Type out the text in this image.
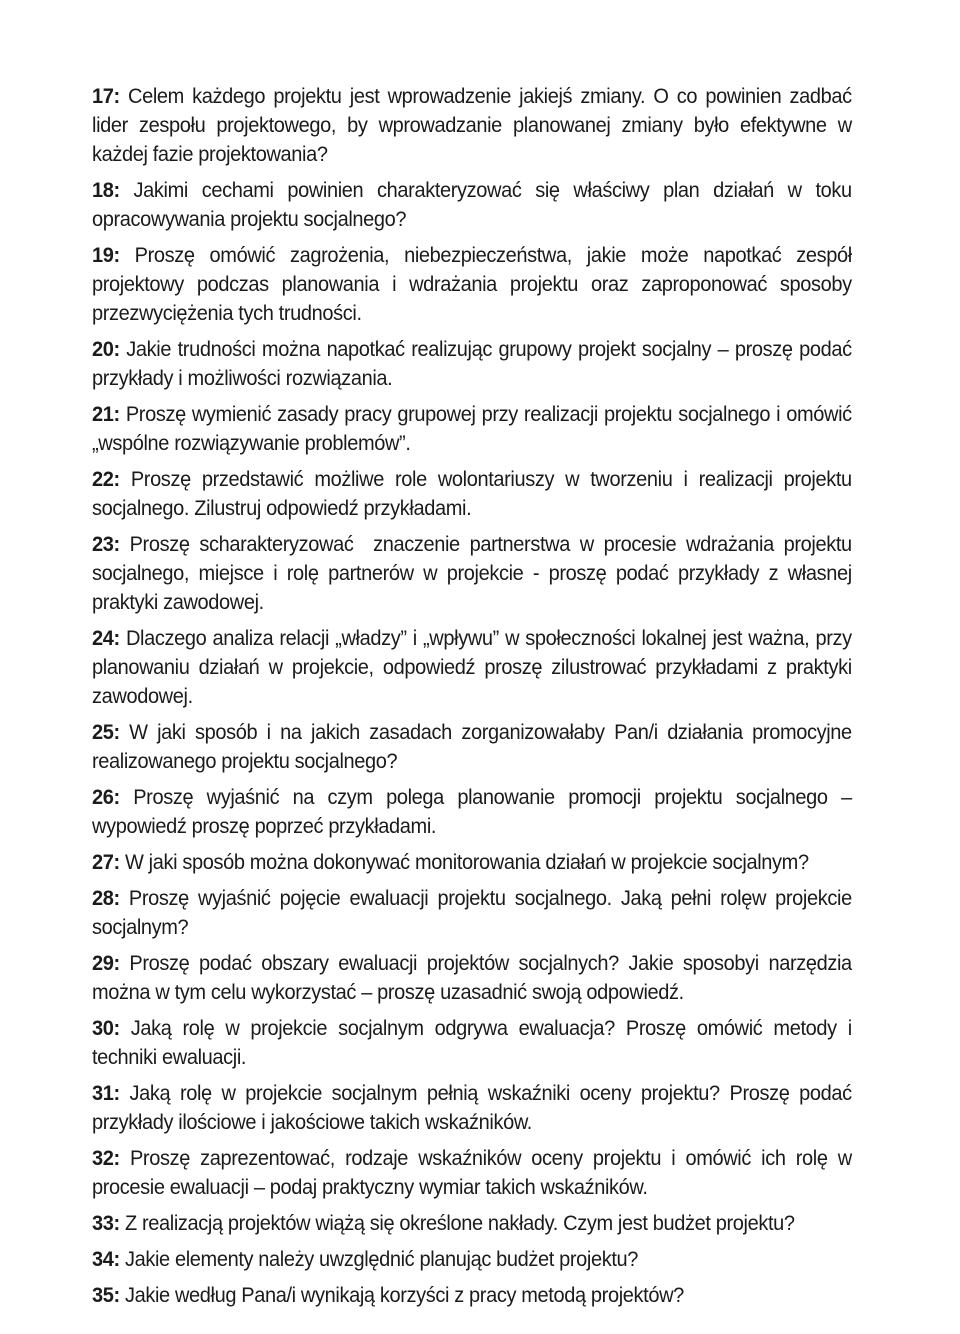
17: Celem każdego projektu jest wprowadzenie jakiejś zmiany. O co powinien zadbać lider zespołu projektowego, by wprowadzanie planowanej zmiany było efektywne w każdej fazie projektowania?

18: Jakimi cechami powinien charakteryzować się właściwy plan działań w toku opracowywania projektu socjalnego?

19: Proszę omówić zagrożenia, niebezpieczeństwa, jakie może napotkać zespół projektowy podczas planowania i wdrażania projektu oraz zaproponować sposoby przezwyciężenia tych trudności.

20: Jakie trudności można napotkać realizując grupowy projekt socjalny – proszę podać przykłady i możliwości rozwiązania.

21: Proszę wymienić zasady pracy grupowej przy realizacji projektu socjalnego i omówić „wspólne rozwiązywanie problemów”.

22: Proszę przedstawić możliwe role wolontariuszy w tworzeniu i realizacji projektu socjalnego. Zilustruj odpowiedź przykładami.

23: Proszę scharakteryzować  znaczenie partnerstwa w procesie wdrażania projektu socjalnego, miejsce i rolę partnerów w projekcie - proszę podać przykłady z własnej praktyki zawodowej.

24: Dlaczego analiza relacji „władzy” i „wpływu” w społeczności lokalnej jest ważna, przy planowaniu działań w projekcie, odpowiedź proszę zilustrować przykładami z praktyki zawodowej.

25: W jaki sposób i na jakich zasadach zorganizowałaby Pan/i działania promocyjne realizowanego projektu socjalnego?

26: Proszę wyjaśnić na czym polega planowanie promocji projektu socjalnego – wypowiedź proszę poprzeć przykładami.

27: W jaki sposób można dokonywać monitorowania działań w projekcie socjalnym?

28: Proszę wyjaśnić pojęcie ewaluacji projektu socjalnego. Jaką pełni rolęw projekcie socjalnym?

29: Proszę podać obszary ewaluacji projektów socjalnych? Jakie sposobyi narzędzia można w tym celu wykorzystać – proszę uzasadnić swoją odpowiedź.

30: Jaką rolę w projekcie socjalnym odgrywa ewaluacja? Proszę omówić metody i techniki ewaluacji.

31: Jaką rolę w projekcie socjalnym pełnią wskaźniki oceny projektu? Proszę podać przykłady ilościowe i jakościowe takich wskaźników.

32: Proszę zaprezentować, rodzaje wskaźników oceny projektu i omówić ich rolę w procesie ewaluacji – podaj praktyczny wymiar takich wskaźników.

33: Z realizacją projektów wiążą się określone nakłady. Czym jest budżet projektu?

34: Jakie elementy należy uwzględnić planując budżet projektu?

35: Jakie według Pana/i wynikają korzyści z pracy metodą projektów?
